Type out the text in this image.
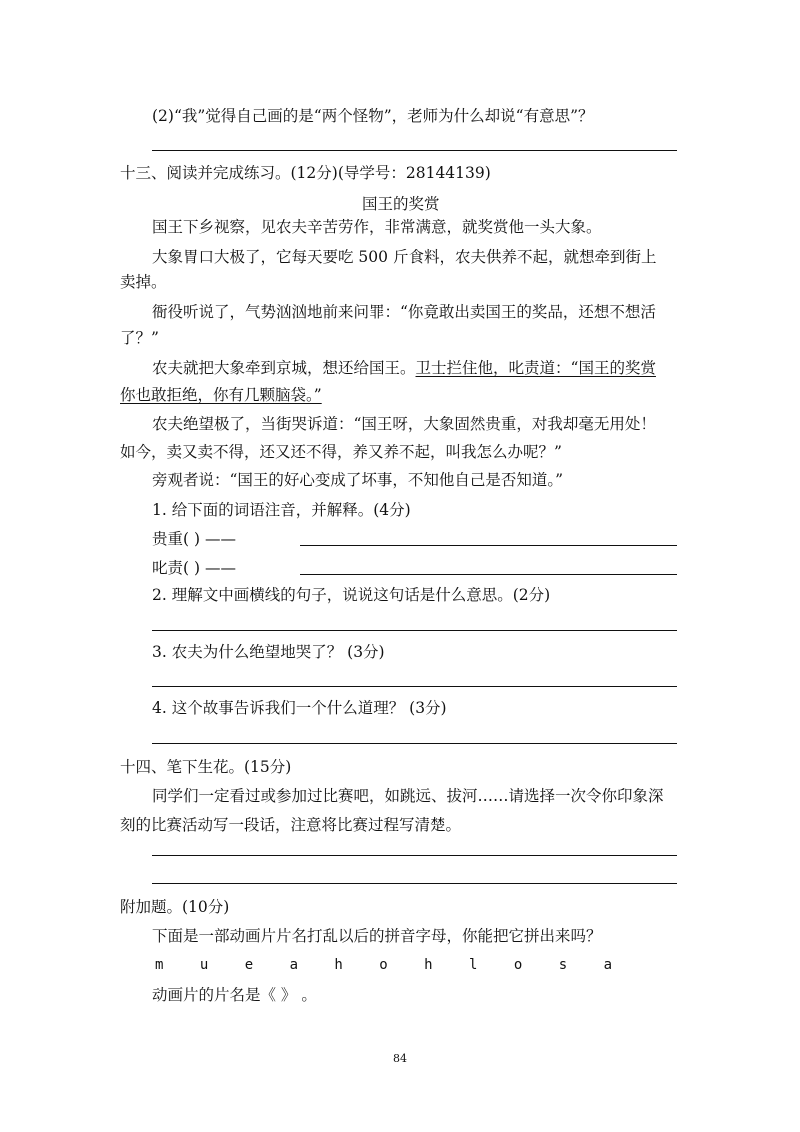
(2)“我”觉得自己画的是“两个怪物”，老师为什么却说“有意思”？
十三、阅读并完成练习。(12分)(导学号：28144139)
国王的奖赏
国王下乡视察，见农夫辛苦劳作，非常满意，就奖赏他一头大象。
大象胃口大极了，它每天要吃 500 斤食料，农夫供养不起，就想牵到街上
卖掉。
衙役听说了，气势汹汹地前来问罪：“你竟敢出卖国王的奖品，还想不想活
了？”
农夫就把大象牵到京城，想还给国王。卫士拦住他，叱责道：“国王的奖赏
你也敢拒绝，你有几颗脑袋。”
农夫绝望极了，当街哭诉道：“国王呀，大象固然贵重，对我却毫无用处！
如今，卖又卖不得，还又还不得，养又养不起，叫我怎么办呢？”
旁观者说：“国王的好心变成了坏事，不知他自己是否知道。”
1. 给下面的词语注音，并解释。(4分)
贵重( ) ——
叱责( ) ——
2. 理解文中画横线的句子，说说这句话是什么意思。(2分)
3. 农夫为什么绝望地哭了？ (3分)
4. 这个故事告诉我们一个什么道理？ (3分)
十四、笔下生花。(15分)
同学们一定看过或参加过比赛吧，如跳远、拔河……请选择一次令你印象深
刻的比赛活动写一段话，注意将比赛过程写清楚。
附加题。(10分)
下面是一部动画片片名打乱以后的拼音字母，你能把它拼出来吗？
m u e a h o h l o s a
动画片的片名是《 》 。
84
